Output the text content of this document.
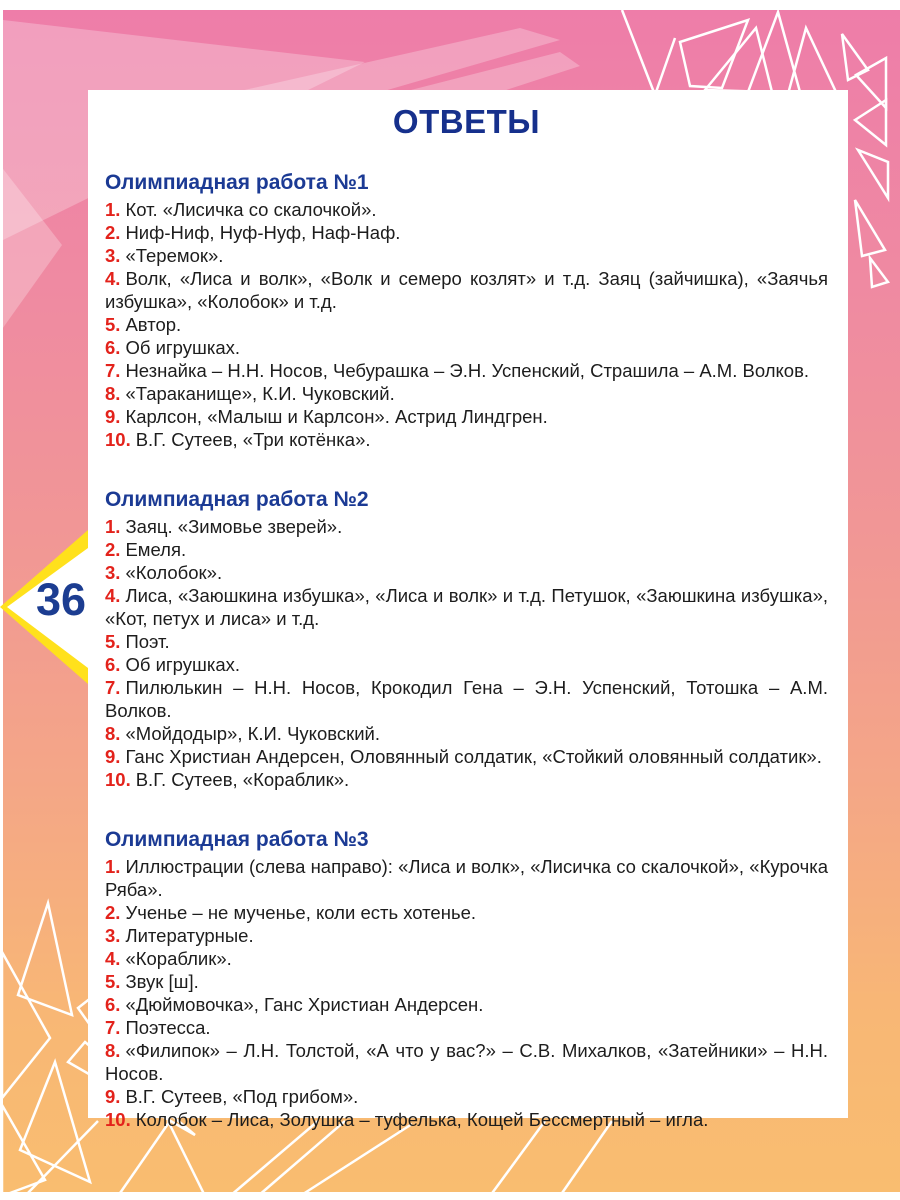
ОТВЕТЫ
Олимпиадная работа №1

1. Кот. «Лисичка со скалочкой».

2. Ниф-Ниф, Нуф-Нуф, Наф-Наф.

3. «Теремок».

4. Волк, «Лиса и волк», «Волк и семеро козлят» и т.д. Заяц (зайчишка), «Заячья избушка», «Колобок» и т.д.

5. Автор.

6. Об игрушках.

7. Незнайка – Н.Н. Носов, Чебурашка – Э.Н. Успенский, Страшила – А.М. Волков.

8. «Тараканище», К.И. Чуковский.

9. Карлсон, «Малыш и Карлсон». Астрид Линдгрен.

10. В.Г. Сутеев, «Три котёнка».

Олимпиадная работа №2

1. Заяц. «Зимовье зверей».

2. Емеля.

3. «Колобок».

4. Лиса, «Заюшкина избушка», «Лиса и волк» и т.д. Петушок, «Заюшкина избушка», «Кот, петух и лиса» и т.д.

5. Поэт.

6. Об игрушках.

7. Пилюлькин – Н.Н. Носов, Крокодил Гена – Э.Н. Успенский, Тотошка – А.М. Волков.

8. «Мойдодыр», К.И. Чуковский.

9. Ганс Христиан Андерсен, Оловянный солдатик, «Стойкий оловянный солдатик».

10. В.Г. Сутеев, «Кораблик».

Олимпиадная работа №3

1. Иллюстрации (слева направо): «Лиса и волк», «Лисичка со скалочкой», «Курочка Ряба».

2. Ученье – не мученье, коли есть хотенье.

3. Литературные.

4. «Кораблик».

5. Звук [ш].

6. «Дюймовочка», Ганс Христиан Андерсен.

7. Поэтесса.

8. «Филипок» – Л.Н. Толстой, «А что у вас?» – С.В. Михалков, «Затейники» – Н.Н. Носов.

9. В.Г. Сутеев, «Под грибом».

10. Колобок – Лиса, Золушка – туфелька, Кощей Бессмертный – игла.

36
